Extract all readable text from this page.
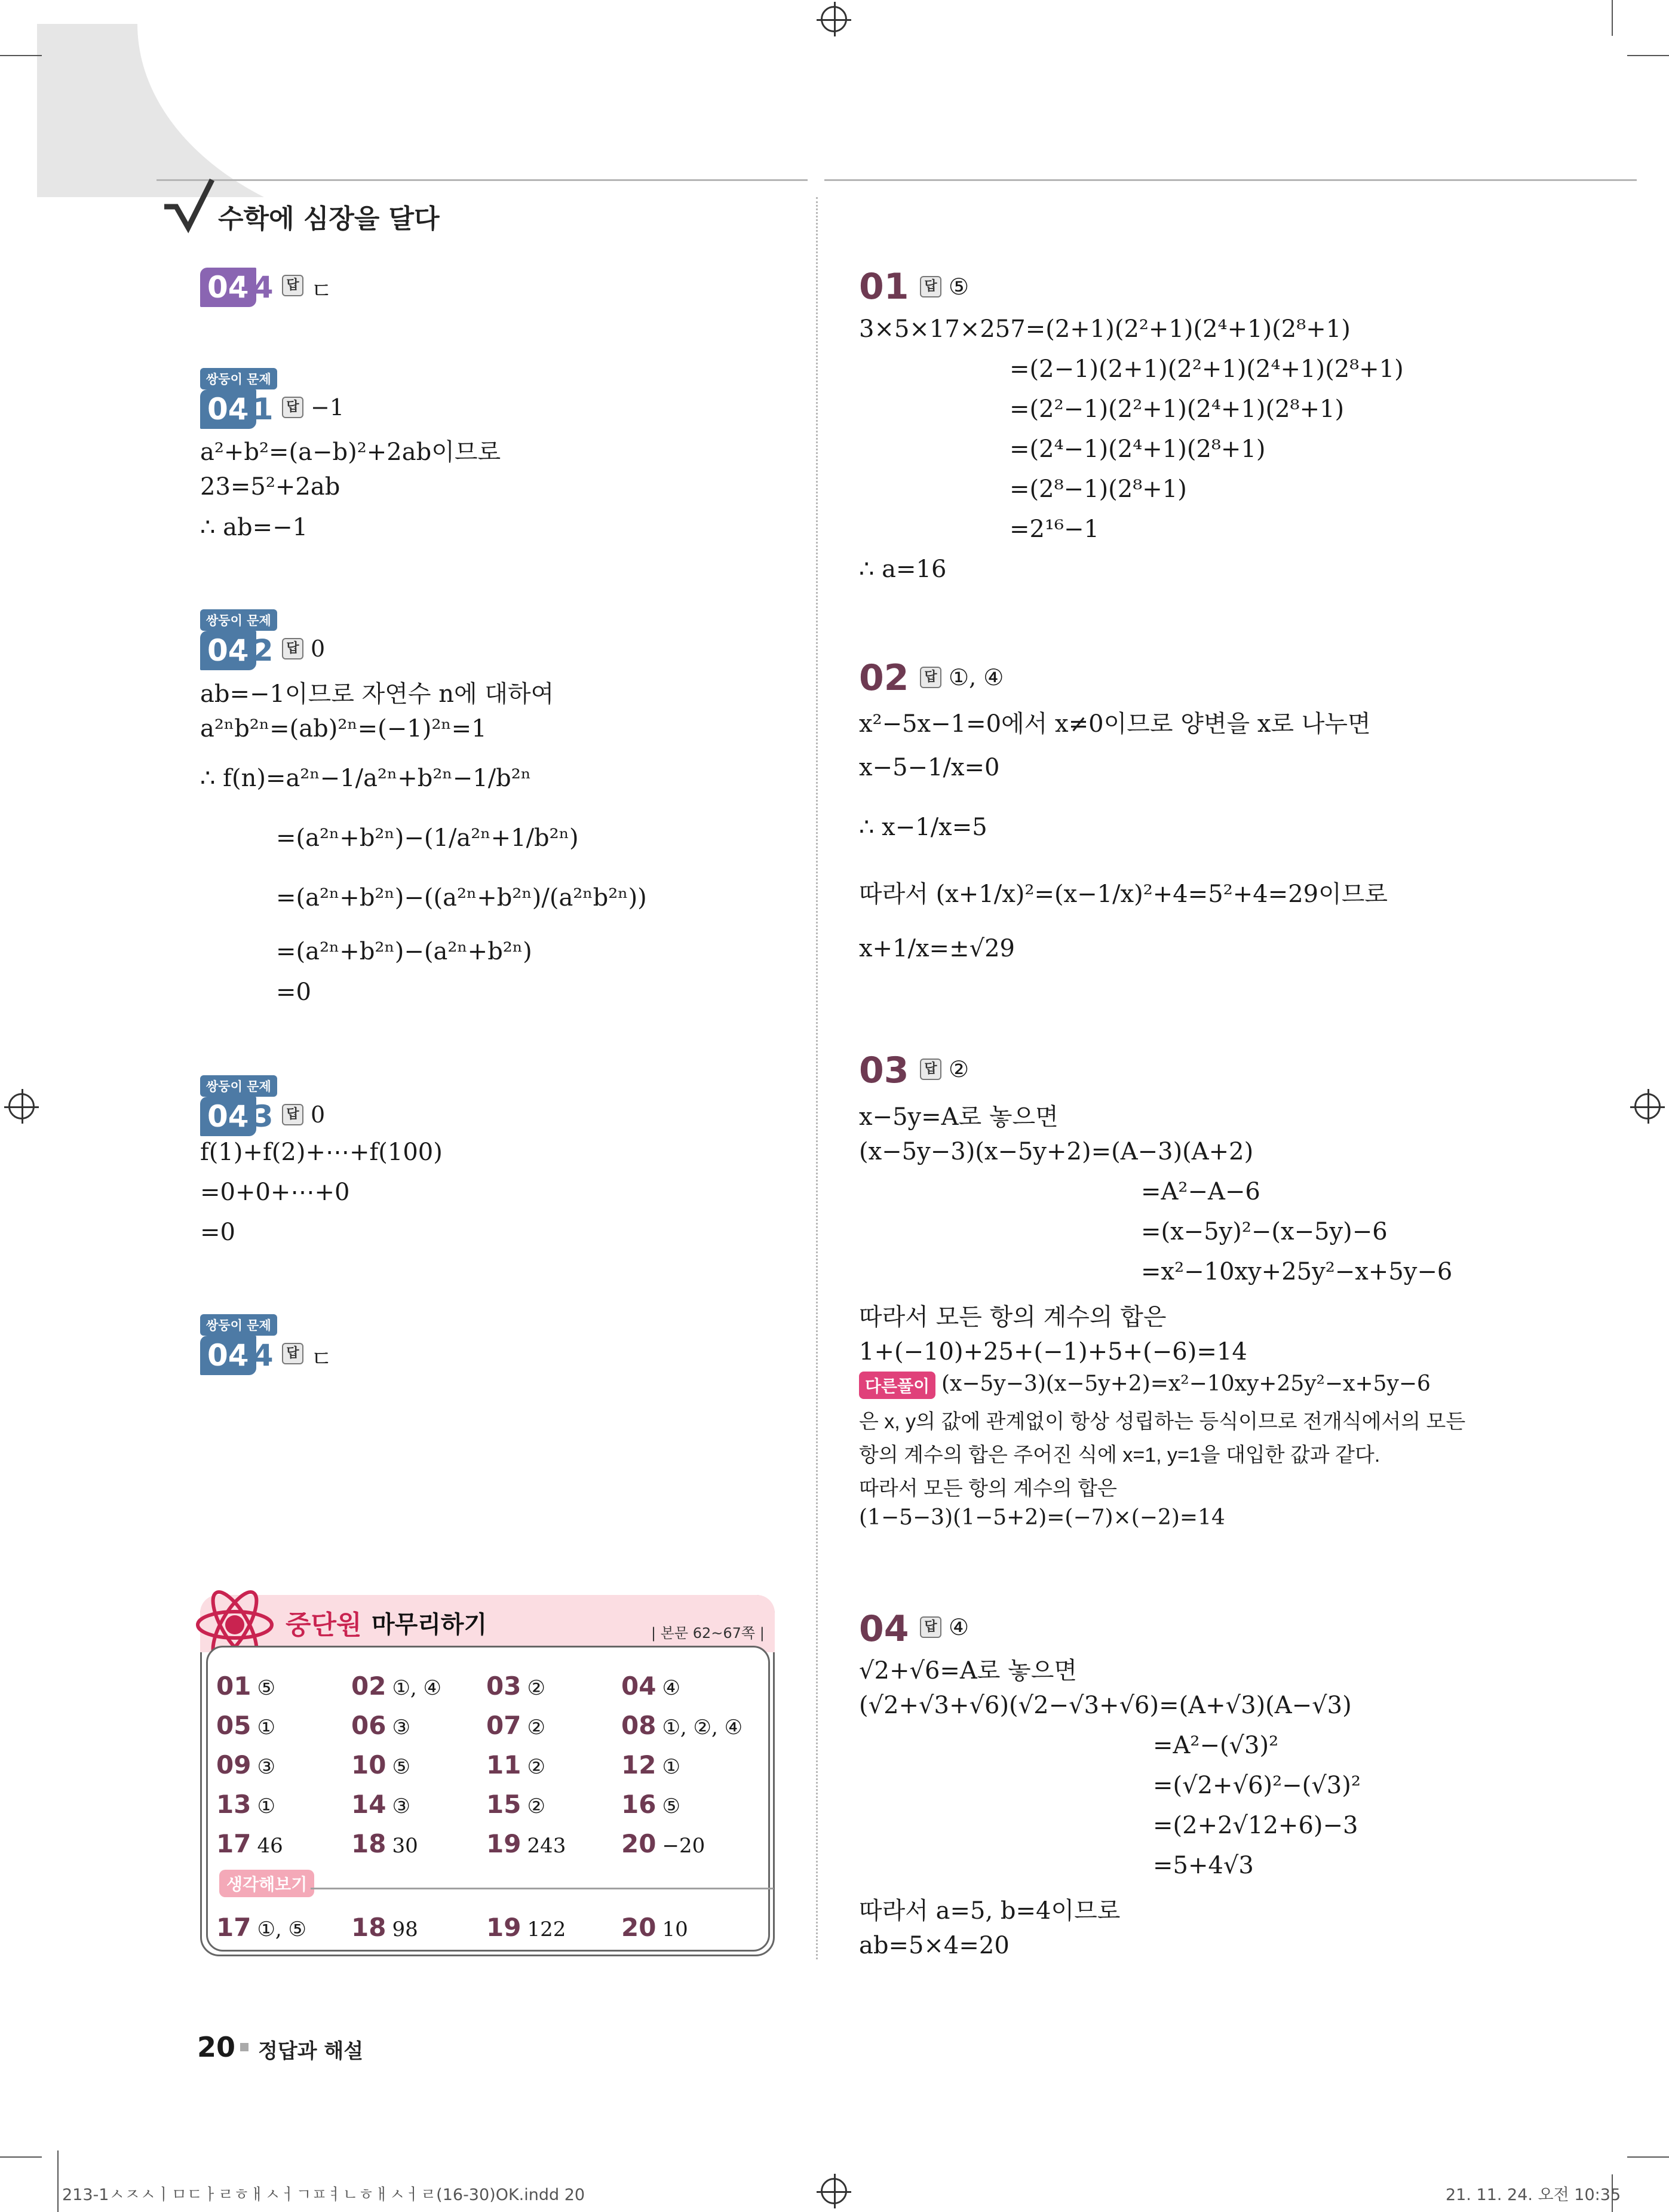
수학에 심장을 달다
04
-4 답 ㄷ
쌍둥이 문제
04
-1 답 −1
a²+b²=(a−b)²+2ab이므로
23=5²+2ab
∴ ab=−1
쌍둥이 문제
04
-2 답 0
ab=−1이므로 자연수 n에 대하여
a²ⁿb²ⁿ=(ab)²ⁿ=(−1)²ⁿ=1
∴ f(n)=a²ⁿ−1/a²ⁿ+b²ⁿ−1/b²ⁿ
=(a²ⁿ+b²ⁿ)−(1/a²ⁿ+1/b²ⁿ)
=(a²ⁿ+b²ⁿ)−((a²ⁿ+b²ⁿ)/(a²ⁿb²ⁿ))
=(a²ⁿ+b²ⁿ)−(a²ⁿ+b²ⁿ)
=0
쌍둥이 문제
04
-3 답 0
f(1)+f(2)+⋯+f(100)
=0+0+⋯+0
=0
쌍둥이 문제
04
-4 답 ㄷ
중단원 마무리하기	| 본문 62~67쪽 |
01 ⑤	02 ①, ④ 03 ②	04 ④
05 ①	06 ③	07 ②	08 ①, ②, ④
09 ③	10 ⑤	11 ②	12 ①
13 ①	14 ③	15 ②	16 ⑤
17 46	18 30	19 243 20 −20
17 ①, ⑤ 18 98	19 122 20 10
생각해보기
01	답 ⑤
3×5×17×257=(2+1)(2²+1)(2⁴+1)(2⁸+1)
=(2−1)(2+1)(2²+1)(2⁴+1)(2⁸+1)
=(2²−1)(2²+1)(2⁴+1)(2⁸+1)
=(2⁴−1)(2⁴+1)(2⁸+1)
=(2⁸−1)(2⁸+1)
=2¹⁶−1
∴ a=16
02	답 ①, ④
x²−5x−1=0에서 x≠0이므로 양변을 x로 나누면
x−5−1/x=0
∴ x−1/x=5
따라서 (x+1/x)²=(x−1/x)²+4=5²+4=29이므로
x+1/x=±√29
03	답 ②
x−5y=A로 놓으면
(x−5y−3)(x−5y+2)=(A−3)(A+2)
=A²−A−6
=(x−5y)²−(x−5y)−6
=x²−10xy+25y²−x+5y−6
따라서 모든 항의 계수의 합은
1+(−10)+25+(−1)+5+(−6)=14
다른풀이 (x−5y−3)(x−5y+2)=x²−10xy+25y²−x+5y−6
은 x, y의 값에 관계없이 항상 성립하는 등식이므로 전개식에서의 모든
항의 계수의 합은 주어진 식에 x=1, y=1을 대입한 값과 같다.
따라서 모든 항의 계수의 합은
(1−5−3)(1−5+2)=(−7)×(−2)=14
04	답 ④
√2+√6=A로 놓으면
(√2+√3+√6)(√2−√3+√6)=(A+√3)(A−√3)
=A²−(√3)²
=(√2+√6)²−(√3)²
=(2+2√12+6)−3
=5+4√3
따라서 a=5, b=4이므로
ab=5×4=20
20 정답과 해설
213-1ㅅㅈㅅㅣㅁㄷㅏㄹㅎㅐㅅㅓㄱㅍㅕㄴㅎㅐㅅㅓㄹ(16-30)OK.indd 20	21. 11. 24. 오전 10:35
